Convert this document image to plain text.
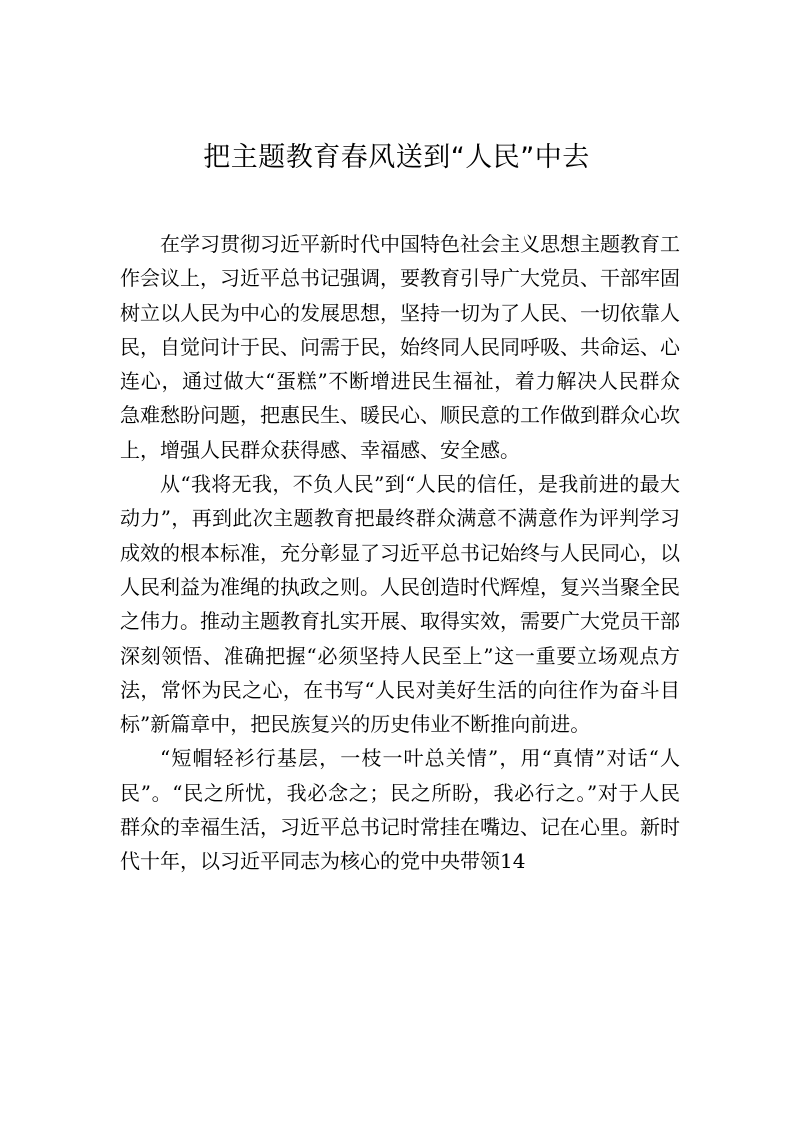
把主题教育春风送到“人民”中去

在学习贯彻习近平新时代中国特色社会主义思想主题教育工作会议上，习近平总书记强调，要教育引导广大党员、干部牢固树立以人民为中心的发展思想，坚持一切为了人民、一切依靠人民，自觉问计于民、问需于民，始终同人民同呼吸、共命运、心连心，通过做大“蛋糕”不断增进民生福祉，着力解决人民群众急难愁盼问题，把惠民生、暖民心、顺民意的工作做到群众心坎上，增强人民群众获得感、幸福感、安全感。

从“我将无我，不负人民”到“人民的信任，是我前进的最大动力”，再到此次主题教育把最终群众满意不满意作为评判学习成效的根本标准，充分彰显了习近平总书记始终与人民同心，以人民利益为准绳的执政之则。人民创造时代辉煌，复兴当聚全民之伟力。推动主题教育扎实开展、取得实效，需要广大党员干部深刻领悟、准确把握“必须坚持人民至上”这一重要立场观点方法，常怀为民之心，在书写“人民对美好生活的向往作为奋斗目标”新篇章中，把民族复兴的历史伟业不断推向前进。

“短帽轻衫行基层，一枝一叶总关情”，用“真情”对话“人民”。“民之所忧，我必念之；民之所盼，我必行之。”对于人民群众的幸福生活，习近平总书记时常挂在嘴边、记在心里。新时代十年，以习近平同志为核心的党中央带领14
